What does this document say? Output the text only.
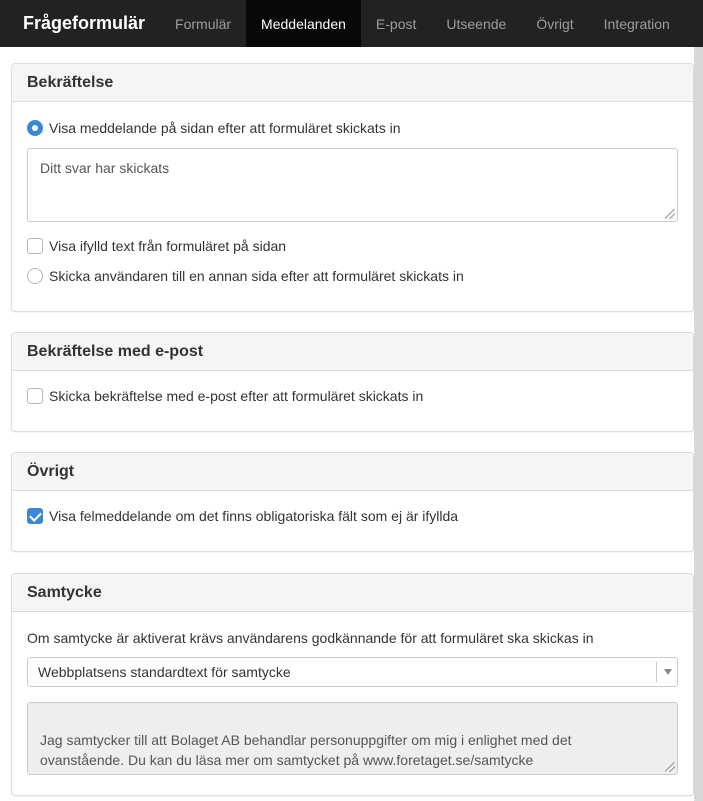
Frågeformulär	Formulär	Meddelanden	E-post	Utseende	Övrigt	Integration
Bekräftelse
Visa meddelande på sidan efter att formuläret skickats in
Ditt svar har skickats
Visa ifylld text från formuläret på sidan
Skicka användaren till en annan sida efter att formuläret skickats in
Bekräftelse med e-post
Skicka bekräftelse med e-post efter att formuläret skickats in
Övrigt
Visa felmeddelande om det finns obligatoriska fält som ej är ifyllda
Samtycke
Om samtycke är aktiverat krävs användarens godkännande för att formuläret ska skickas in
Webbplatsens standardtext för samtycke
Jag samtycker till att Bolaget AB behandlar personuppgifter om mig i enlighet med det
ovanstående. Du kan du läsa mer om samtycket på www.foretaget.se/samtycke
